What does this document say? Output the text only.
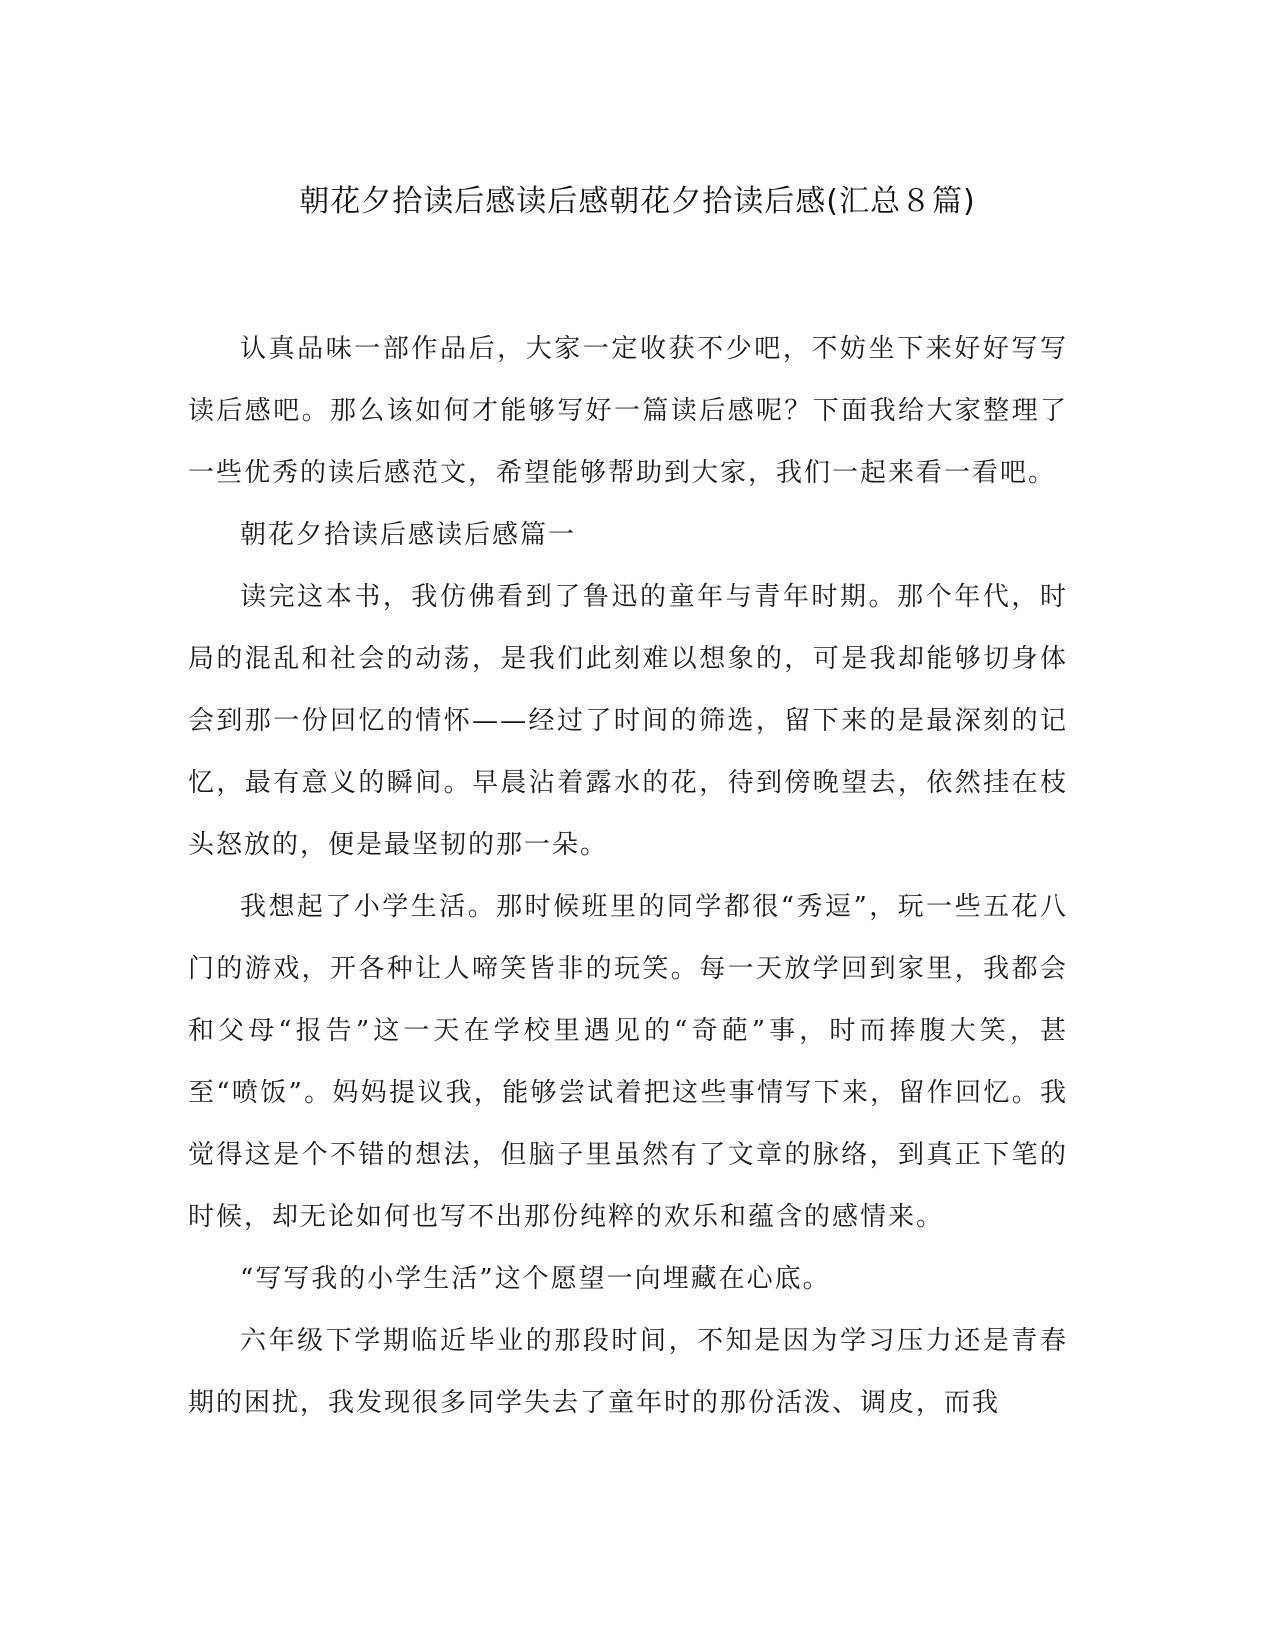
朝花夕拾读后感读后感朝花夕拾读后感(汇总８篇)

认真品味一部作品后，大家一定收获不少吧，不妨坐下来好好写写读后感吧。那么该如何才能够写好一篇读后感呢？下面我给大家整理了一些优秀的读后感范文，希望能够帮助到大家，我们一起来看一看吧。

朝花夕拾读后感读后感篇一

读完这本书，我仿佛看到了鲁迅的童年与青年时期。那个年代，时局的混乱和社会的动荡，是我们此刻难以想象的，可是我却能够切身体会到那一份回忆的情怀——经过了时间的筛选，留下来的是最深刻的记忆，最有意义的瞬间。早晨沾着露水的花，待到傍晚望去，依然挂在枝头怒放的，便是最坚韧的那一朵。

我想起了小学生活。那时候班里的同学都很“秀逗”，玩一些五花八门的游戏，开各种让人啼笑皆非的玩笑。每一天放学回到家里，我都会和父母“报告”这一天在学校里遇见的“奇葩”事，时而捧腹大笑，甚至“喷饭”。妈妈提议我，能够尝试着把这些事情写下来，留作回忆。我觉得这是个不错的想法，但脑子里虽然有了文章的脉络，到真正下笔的时候，却无论如何也写不出那份纯粹的欢乐和蕴含的感情来。

“写写我的小学生活”这个愿望一向埋藏在心底。

六年级下学期临近毕业的那段时间，不知是因为学习压力还是青春期的困扰，我发现很多同学失去了童年时的那份活泼、调皮，而我
